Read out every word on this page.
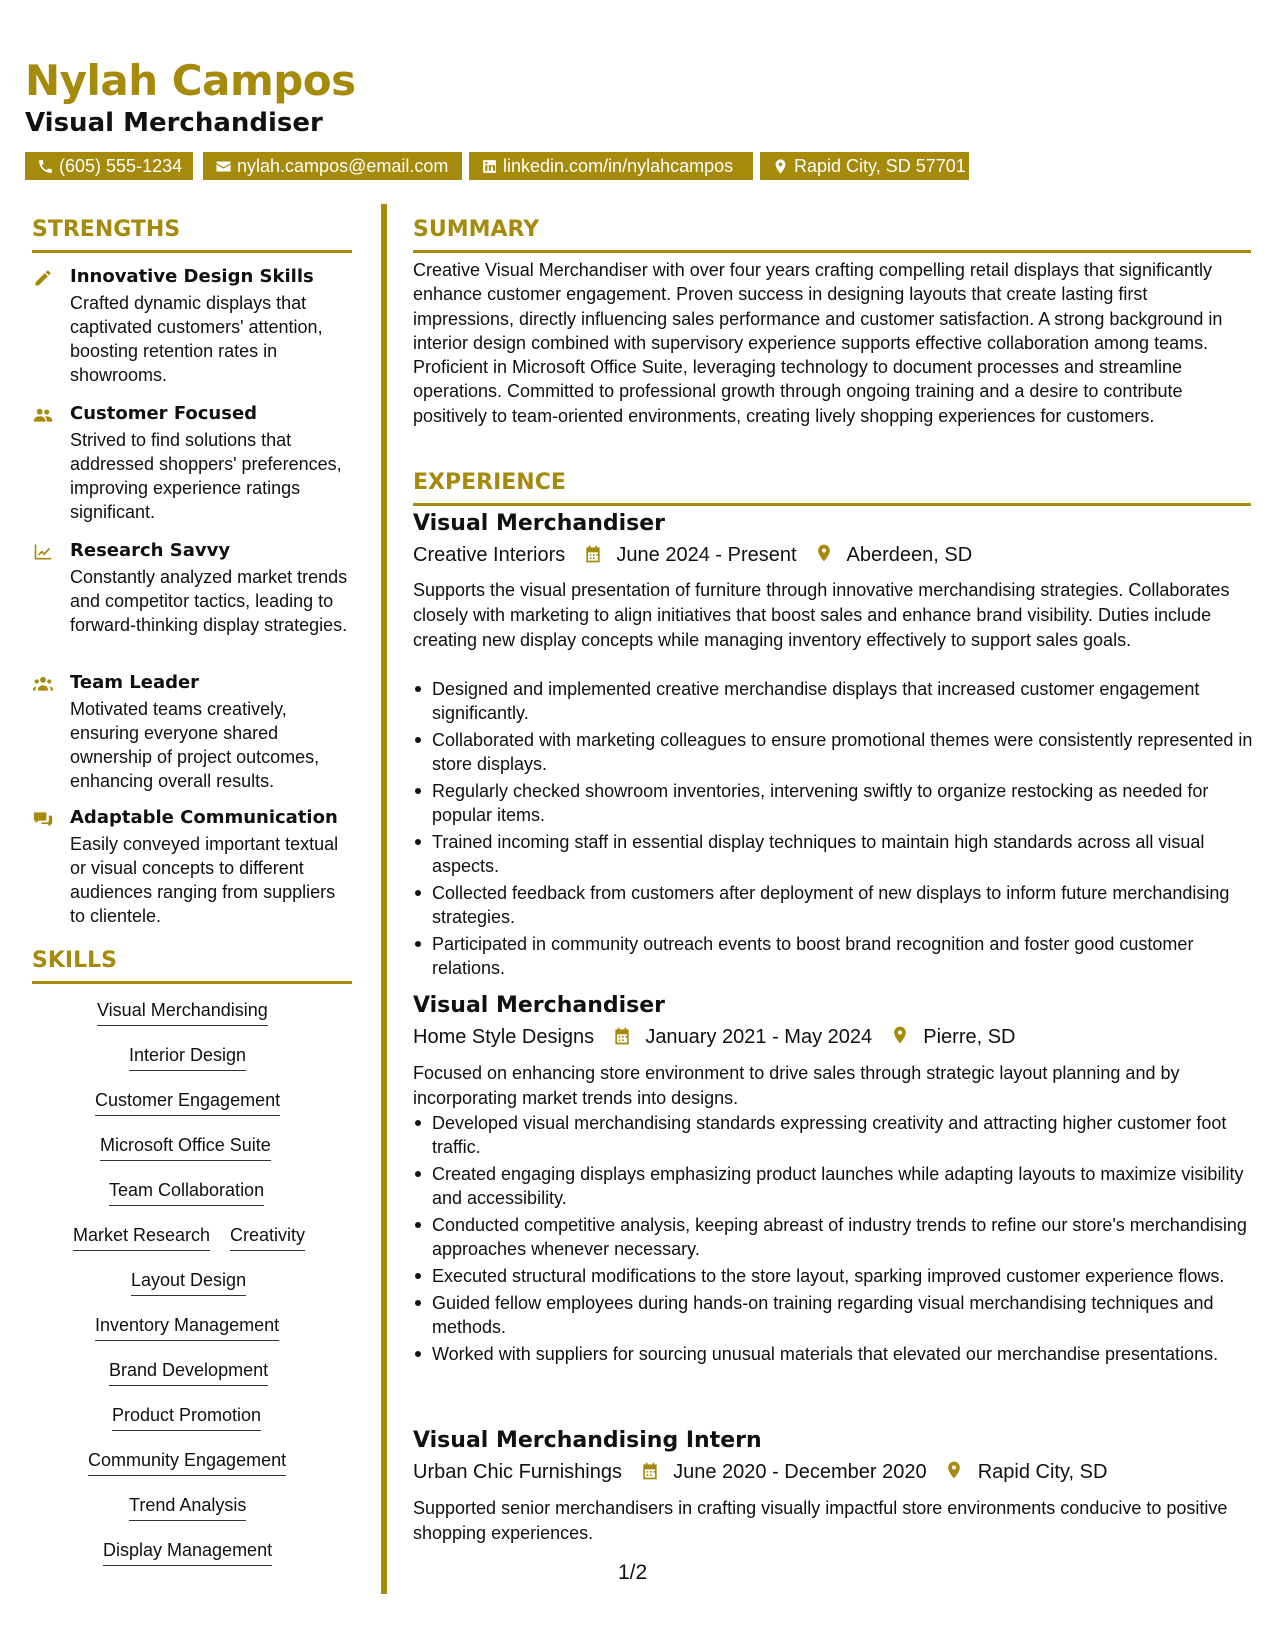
Nylah Campos
Visual Merchandiser
(605) 555-1234	nylah.campos@email.com	linkedin.com/in/nylahcampos	Rapid City, SD 57701
STRENGTHS
Innovative Design Skills
Crafted dynamic displays that captivated customers' attention, boosting retention rates in showrooms.
Customer Focused
Strived to find solutions that addressed shoppers' preferences, improving experience ratings significant.
Research Savvy
Constantly analyzed market trends and competitor tactics, leading to forward-thinking display strategies.
Team Leader
Motivated teams creatively, ensuring everyone shared ownership of project outcomes, enhancing overall results.
Adaptable Communication
Easily conveyed important textual or visual concepts to different audiences ranging from suppliers to clientele.
SKILLS
Visual Merchandising
Interior Design
Customer Engagement
Microsoft Office Suite
Team Collaboration
Market Research Creativity
Layout Design
Inventory Management
Brand Development
Product Promotion
Community Engagement
Trend Analysis
Display Management
SUMMARY

Creative Visual Merchandiser with over four years crafting compelling retail displays that significantly enhance customer engagement. Proven success in designing layouts that create lasting first impressions, directly influencing sales performance and customer satisfaction. A strong background in interior design combined with supervisory experience supports effective collaboration among teams. Proficient in Microsoft Office Suite, leveraging technology to document processes and streamline operations. Committed to professional growth through ongoing training and a desire to contribute positively to team-oriented environments, creating lively shopping experiences for customers.

EXPERIENCE
Visual Merchandiser
Creative Interiors	June 2024 - Present	Aberdeen, SD

Supports the visual presentation of furniture through innovative merchandising strategies. Collaborates closely with marketing to align initiatives that boost sales and enhance brand visibility. Duties include creating new display concepts while managing inventory effectively to support sales goals.

Designed and implemented creative merchandise displays that increased customer engagement significantly.
Collaborated with marketing colleagues to ensure promotional themes were consistently represented in store displays.
Regularly checked showroom inventories, intervening swiftly to organize restocking as needed for popular items.
Trained incoming staff in essential display techniques to maintain high standards across all visual aspects.
Collected feedback from customers after deployment of new displays to inform future merchandising strategies.
Participated in community outreach events to boost brand recognition and foster good customer relations.
Visual Merchandiser
Home Style Designs	January 2021 - May 2024	Pierre, SD

Focused on enhancing store environment to drive sales through strategic layout planning and by incorporating market trends into designs.

Developed visual merchandising standards expressing creativity and attracting higher customer foot traffic.
Created engaging displays emphasizing product launches while adapting layouts to maximize visibility and accessibility.
Conducted competitive analysis, keeping abreast of industry trends to refine our store's merchandising approaches whenever necessary.
Executed structural modifications to the store layout, sparking improved customer experience flows.
Guided fellow employees during hands-on training regarding visual merchandising techniques and methods.
Worked with suppliers for sourcing unusual materials that elevated our merchandise presentations.
Visual Merchandising Intern
Urban Chic Furnishings	June 2020 - December 2020	Rapid City, SD

Supported senior merchandisers in crafting visually impactful store environments conducive to positive shopping experiences.

1/2
